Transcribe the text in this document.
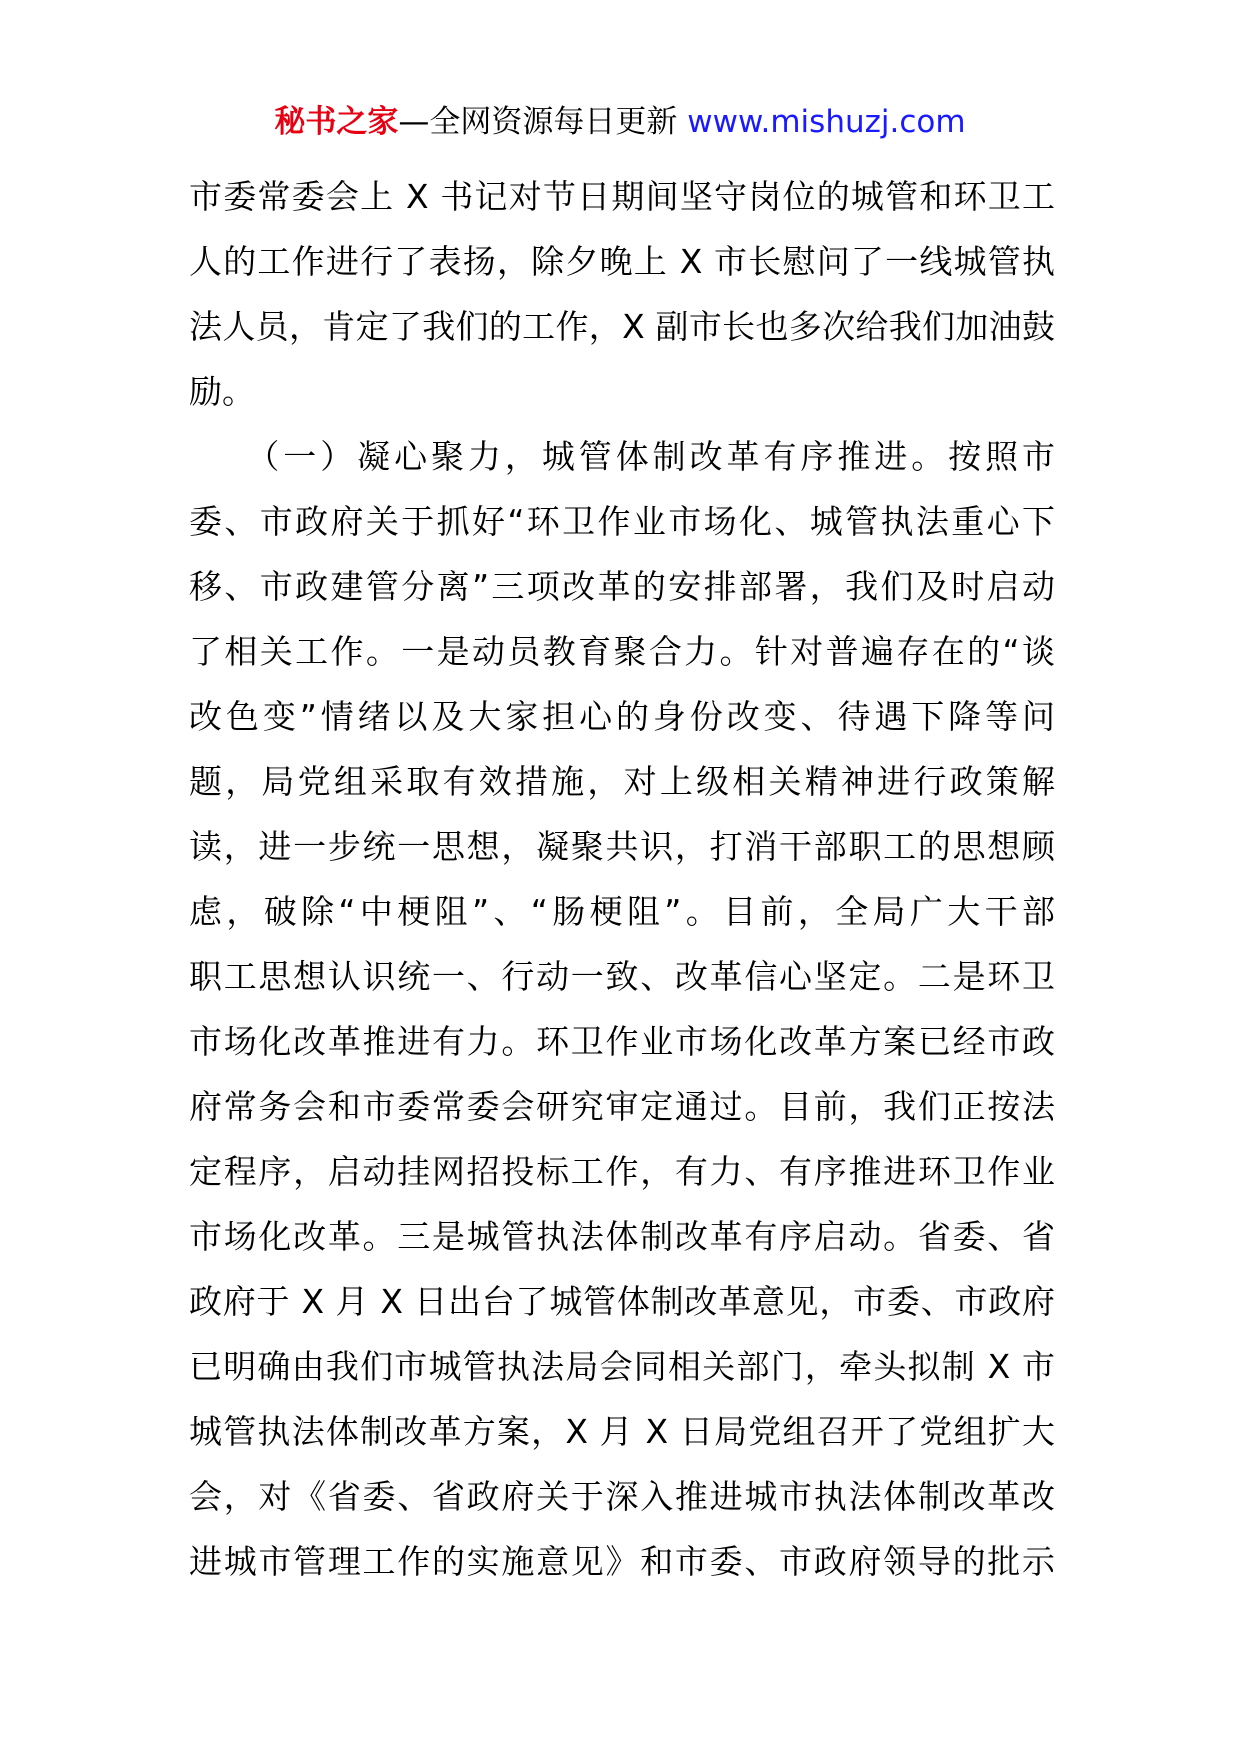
秘书之家—全网资源每日更新 www.mishuzj.com
市委常委会上 X 书记对节日期间坚守岗位的城管和环卫工
人的工作进行了表扬，除夕晚上 X 市长慰问了一线城管执
法人员，肯定了我们的工作，X 副市长也多次给我们加油鼓
励。
　　（一）凝心聚力，城管体制改革有序推进。按照市
委、市政府关于抓好“环卫作业市场化、城管执法重心下
移、市政建管分离”三项改革的安排部署，我们及时启动
了相关工作。一是动员教育聚合力。针对普遍存在的“谈
改色变”情绪以及大家担心的身份改变、待遇下降等问
题，局党组采取有效措施，对上级相关精神进行政策解
读，进一步统一思想，凝聚共识，打消干部职工的思想顾
虑，破除“中梗阻”、“肠梗阻”。目前，全局广大干部
职工思想认识统一、行动一致、改革信心坚定。二是环卫
市场化改革推进有力。环卫作业市场化改革方案已经市政
府常务会和市委常委会研究审定通过。目前，我们正按法
定程序，启动挂网招投标工作，有力、有序推进环卫作业
市场化改革。三是城管执法体制改革有序启动。省委、省
政府于 X 月 X 日出台了城管体制改革意见，市委、市政府
已明确由我们市城管执法局会同相关部门，牵头拟制 X 市
城管执法体制改革方案，X 月 X 日局党组召开了党组扩大
会，对《省委、省政府关于深入推进城市执法体制改革改
进城市管理工作的实施意见》和市委、市政府领导的批示
